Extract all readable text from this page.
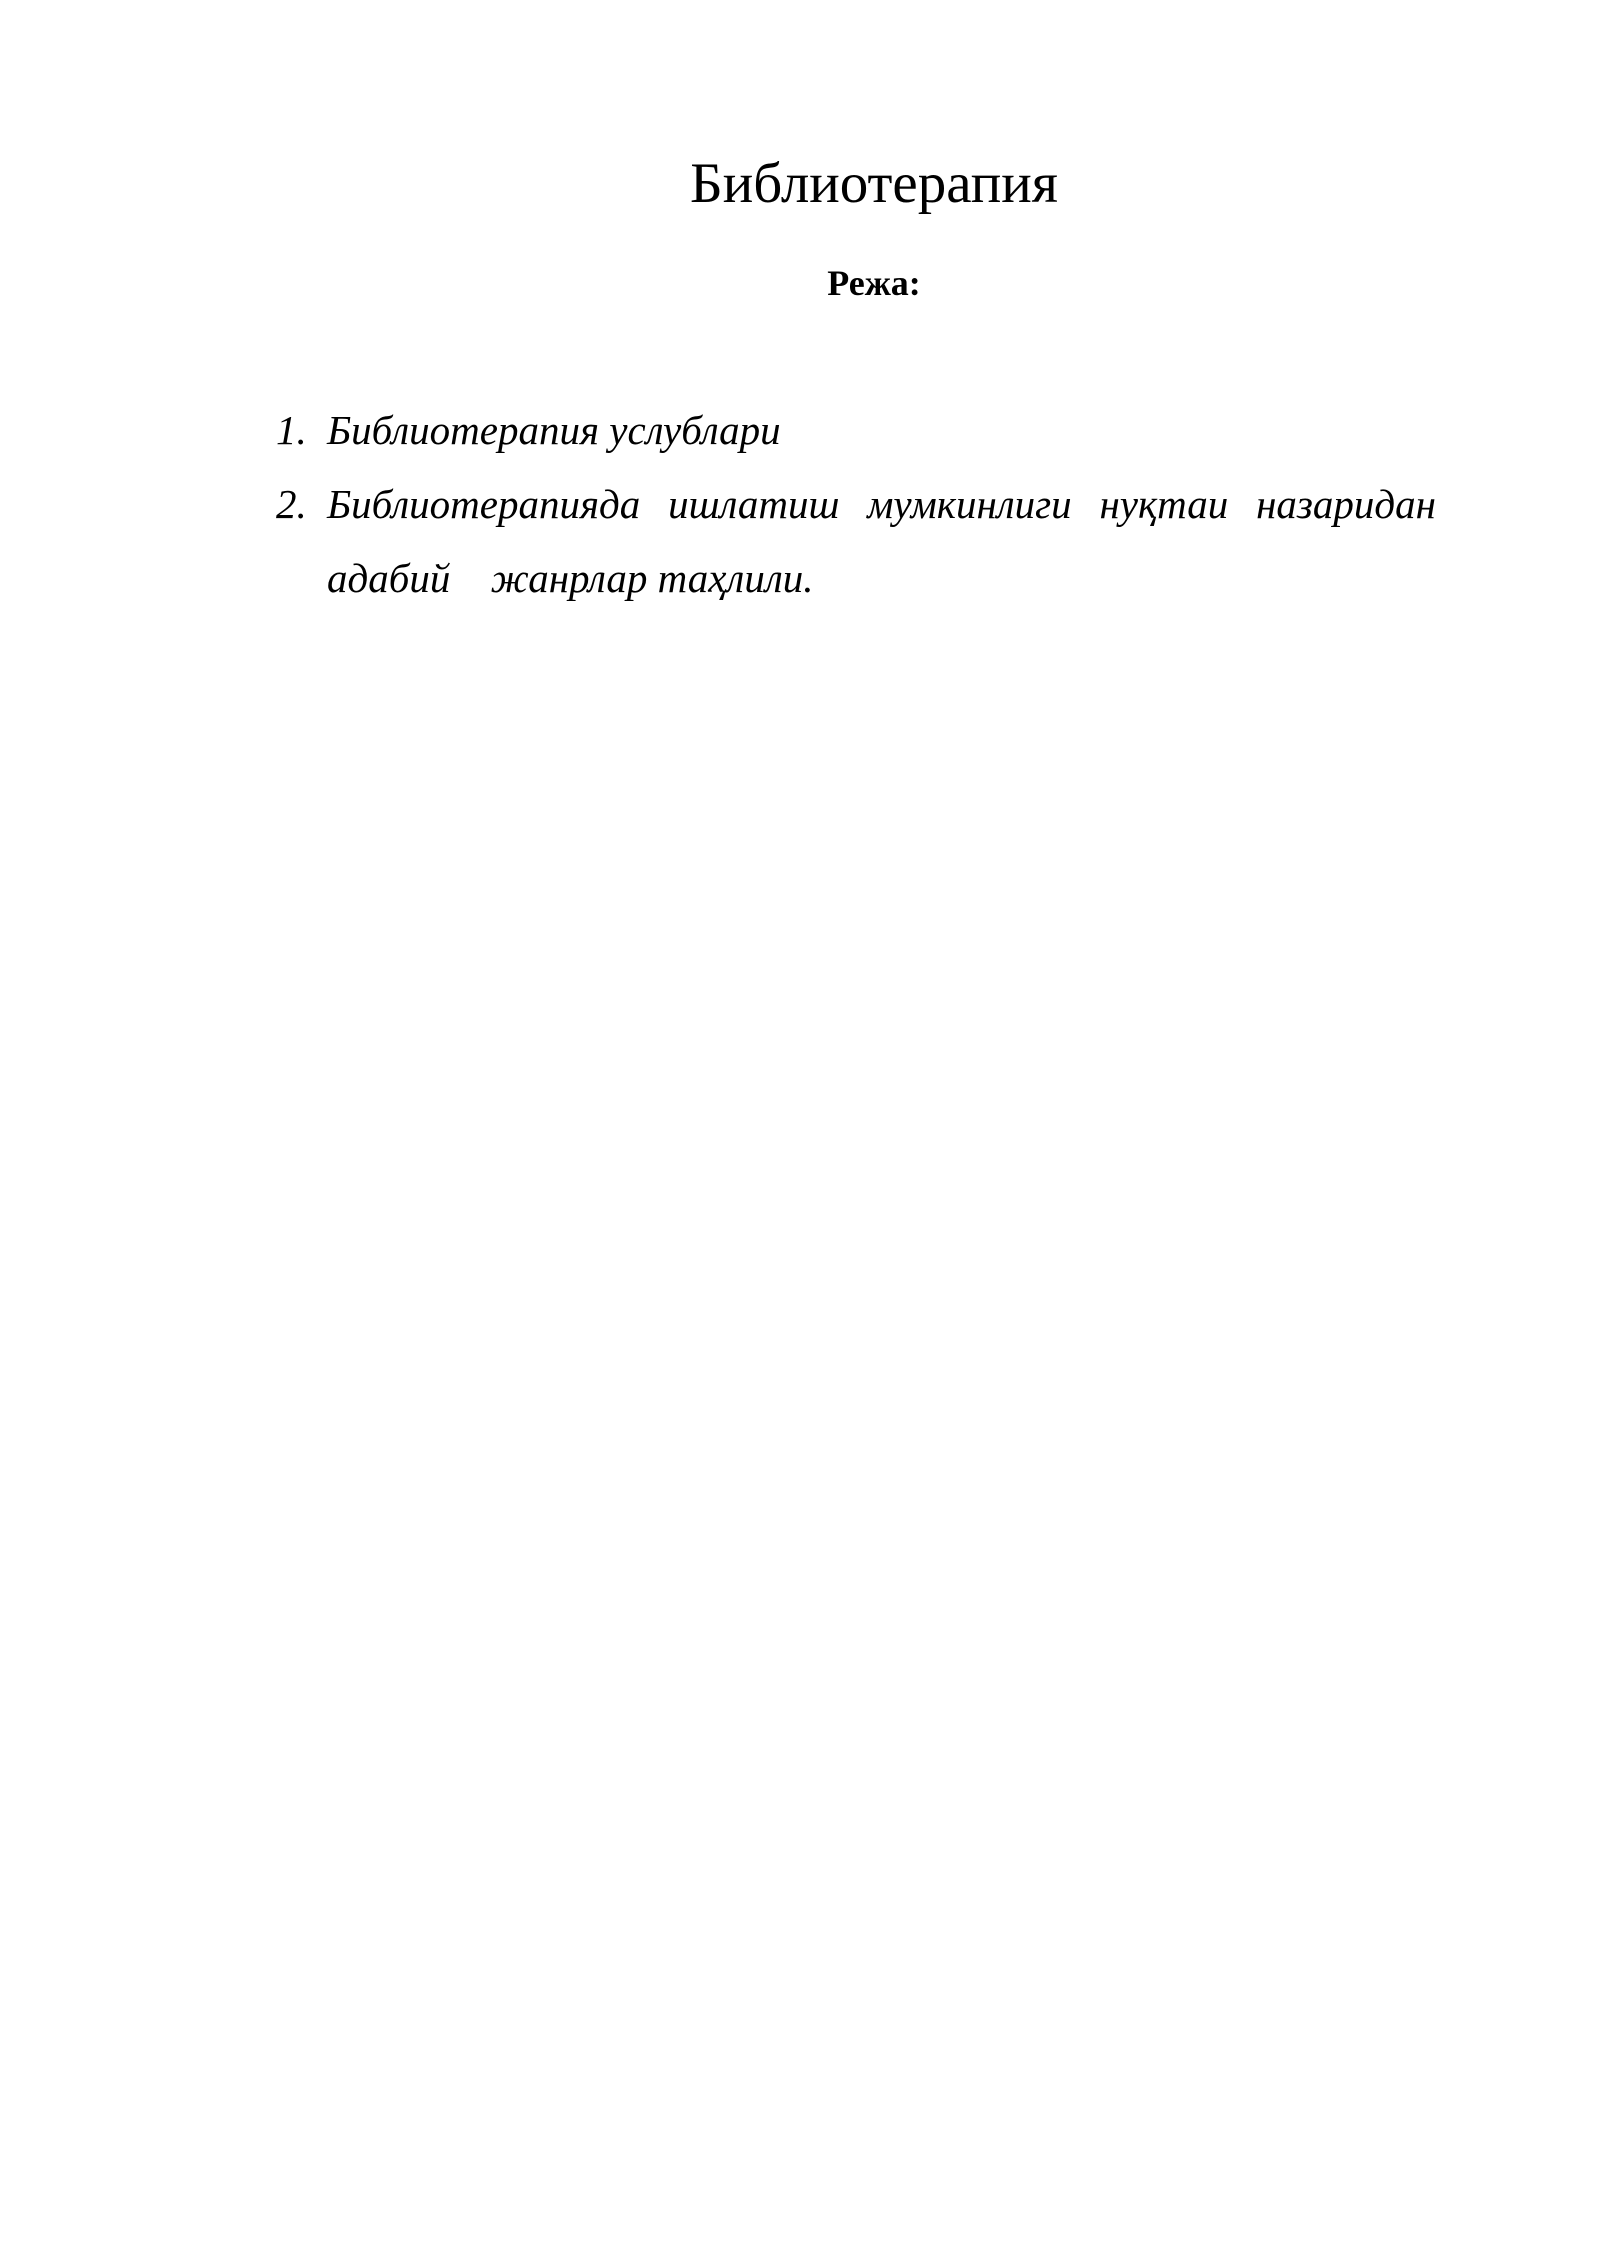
Библиотерапия
Режа:
1. Библиотерапия услублари
2. Библиотерапияда ишлатиш мумкинлиги нуқтаи назаридан адабий жанрлар таҳлили.
